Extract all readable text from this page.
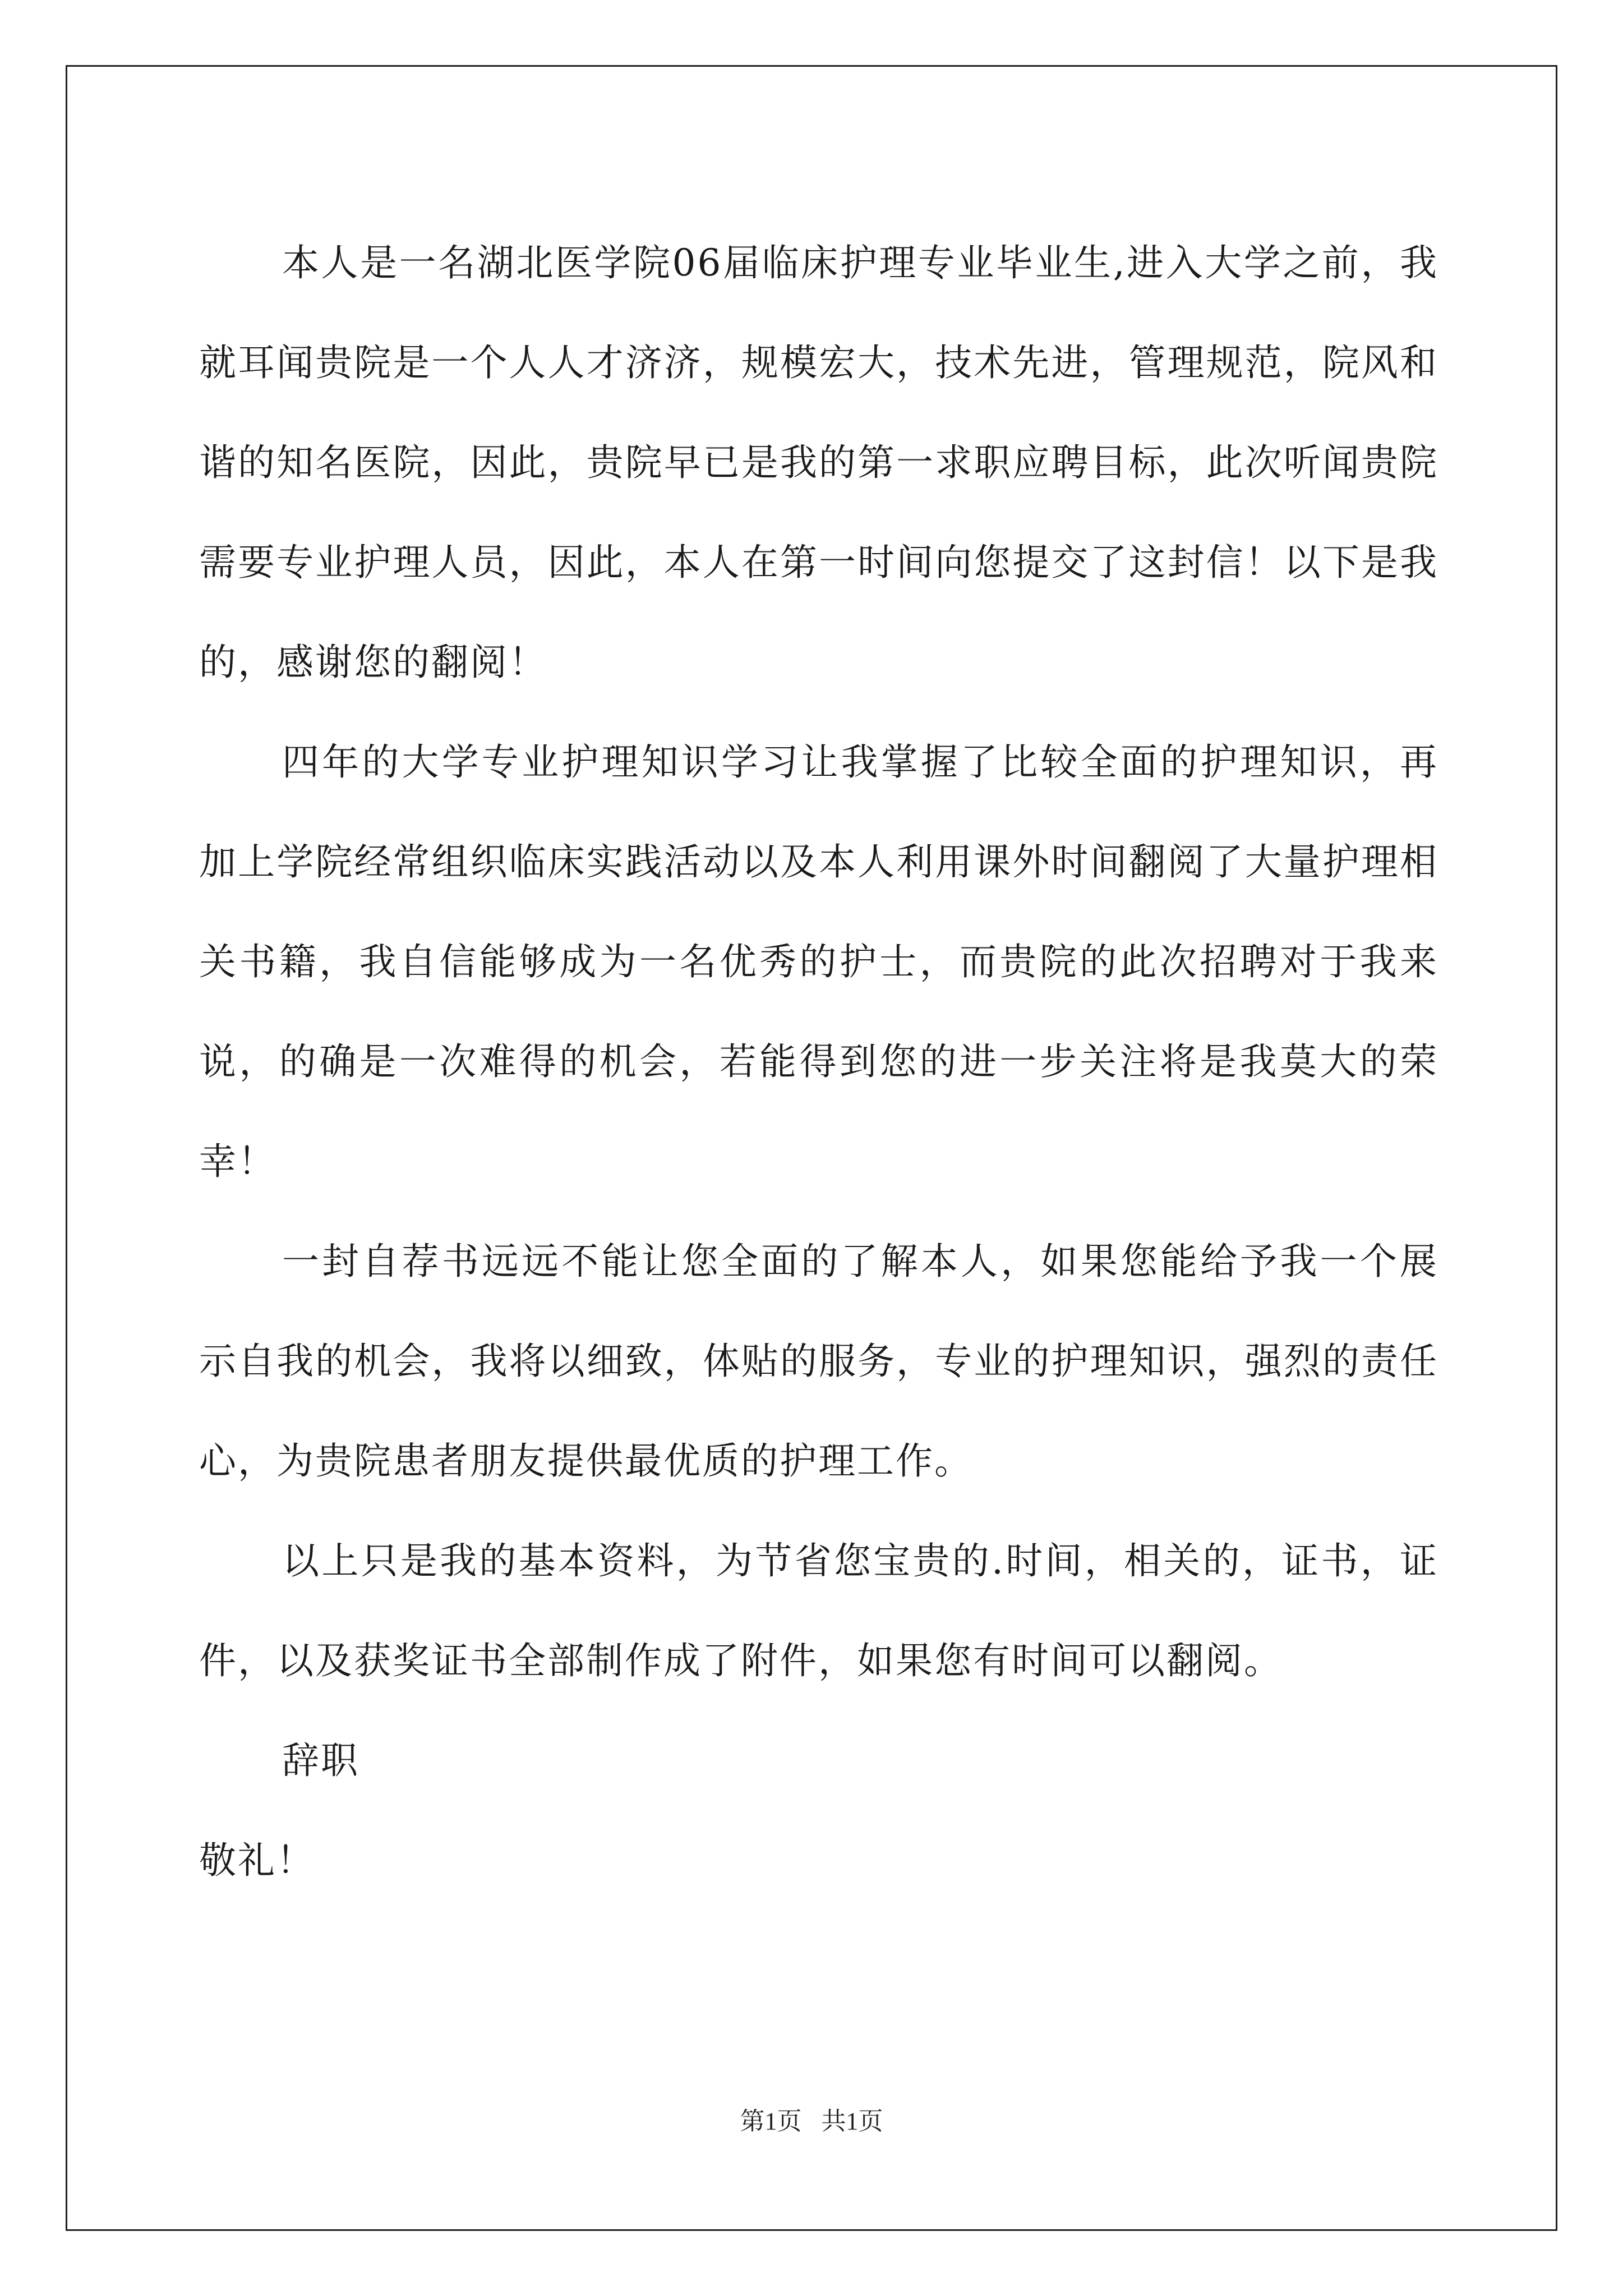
本人是一名湖北医学院06届临床护理专业毕业生,进入大学之前，我就耳闻贵院是一个人人才济济，规模宏大，技术先进，管理规范，院风和谐的知名医院，因此，贵院早已是我的第一求职应聘目标，此次听闻贵院需要专业护理人员，因此，本人在第一时间向您提交了这封信！以下是我的，感谢您的翻阅！

四年的大学专业护理知识学习让我掌握了比较全面的护理知识，再加上学院经常组织临床实践活动以及本人利用课外时间翻阅了大量护理相关书籍，我自信能够成为一名优秀的护士，而贵院的此次招聘对于我来说，的确是一次难得的机会，若能得到您的进一步关注将是我莫大的荣幸！

一封自荐书远远不能让您全面的了解本人，如果您能给予我一个展示自我的机会，我将以细致，体贴的服务，专业的护理知识，强烈的责任心，为贵院患者朋友提供最优质的护理工作。

以上只是我的基本资料，为节省您宝贵的.时间，相关的，证书，证件，以及获奖证书全部制作成了附件，如果您有时间可以翻阅。

辞职

敬礼！

第1页 共1页
